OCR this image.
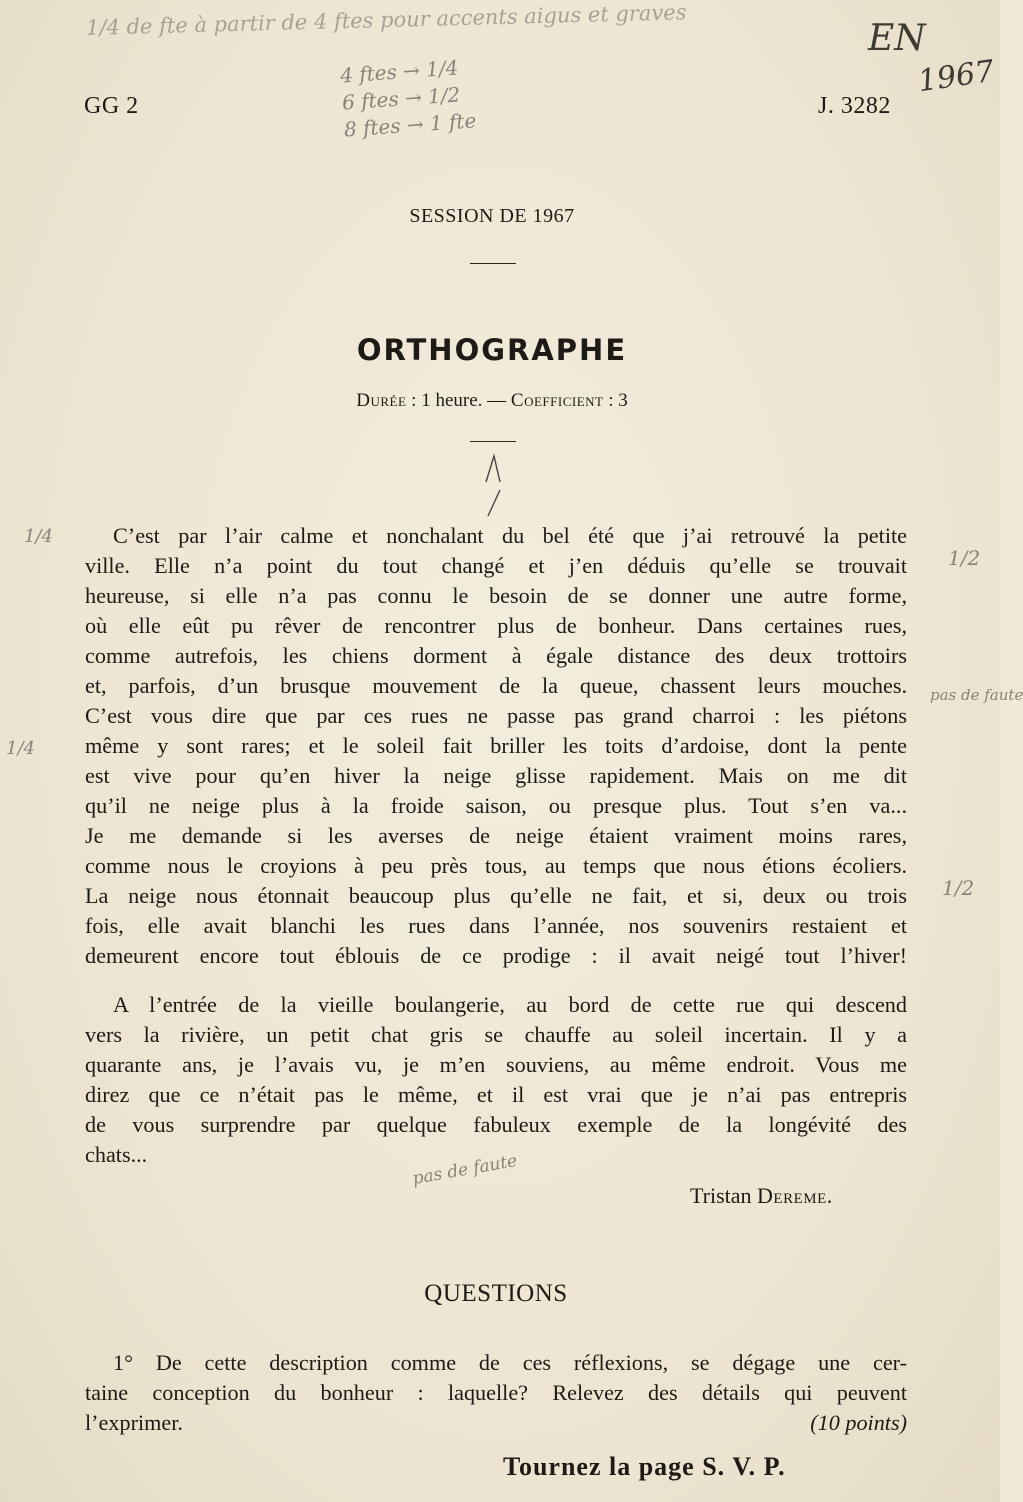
1/4 de fte à partir de 4 ftes pour accents aigus et graves
4 ftes → 1/4
6 ftes → 1/2
8 ftes → 1 fte
EN
1967
GG 2	J. 3282
SESSION DE 1967
ORTHOGRAPHE
Durée : 1 heure. — Coefficient : 3
C’est par l’air calme et nonchalant du bel été que j’ai retrouvé la petite
ville. Elle n’a point du tout changé et j’en déduis qu’elle se trouvait
heureuse, si elle n’a pas connu le besoin de se donner une autre forme,
où elle eût pu rêver de rencontrer plus de bonheur. Dans certaines rues,
comme autrefois, les chiens dorment à égale distance des deux trottoirs
et, parfois, d’un brusque mouvement de la queue, chassent leurs mouches.
C’est vous dire que par ces rues ne passe pas grand charroi : les piétons
même y sont rares; et le soleil fait briller les toits d’ardoise, dont la pente
est vive pour qu’en hiver la neige glisse rapidement. Mais on me dit
qu’il ne neige plus à la froide saison, ou presque plus. Tout s’en va...
Je me demande si les averses de neige étaient vraiment moins rares,
comme nous le croyions à peu près tous, au temps que nous étions écoliers.
La neige nous étonnait beaucoup plus qu’elle ne fait, et si, deux ou trois
fois, elle avait blanchi les rues dans l’année, nos souvenirs restaient et
demeurent encore tout éblouis de ce prodige : il avait neigé tout l’hiver!
A l’entrée de la vieille boulangerie, au bord de cette rue qui descend
vers la rivière, un petit chat gris se chauffe au soleil incertain. Il y a
quarante ans, je l’avais vu, je m’en souviens, au même endroit. Vous me
direz que ce n’était pas le même, et il est vrai que je n’ai pas entrepris
de vous surprendre par quelque fabuleux exemple de la longévité des
chats...
Tristan Dereme.
pas de faute
1/4
1/4
1/2
pas de faute
1/2
QUESTIONS
1° De cette description comme de ces réflexions, se dégage une cer-
taine conception du bonheur : laquelle? Relevez des détails qui peuvent
l’exprimer.	(10 points)
Tournez la page S. V. P.
